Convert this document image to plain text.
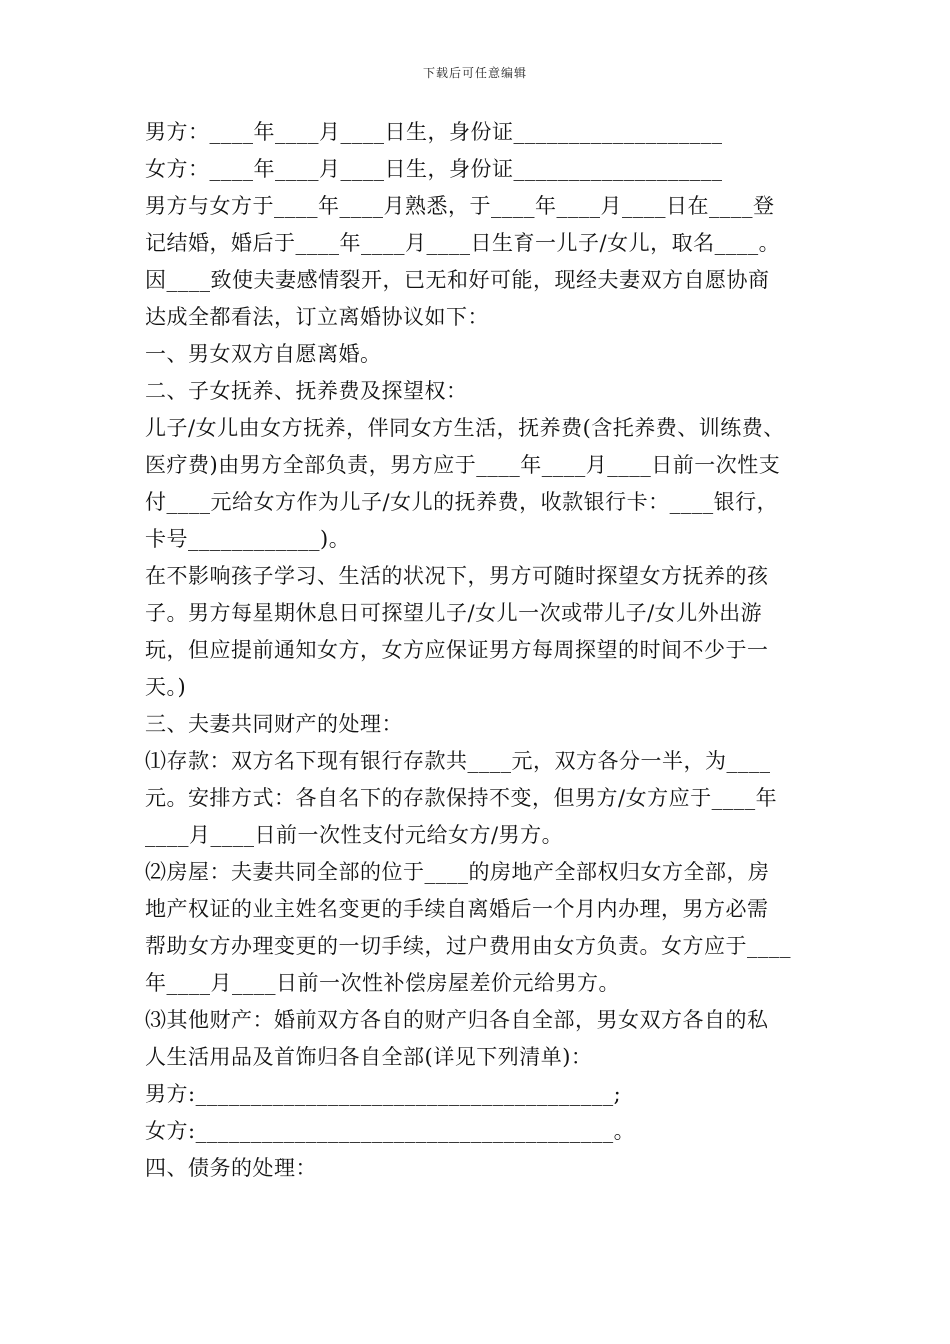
下载后可任意编辑
男方：____年____月____日生，身份证___________________
女方：____年____月____日生，身份证___________________
男方与女方于____年____月熟悉，于____年____月____日在____登
记结婚，婚后于____年____月____日生育一儿子/女儿，取名____。
因____致使夫妻感情裂开，已无和好可能，现经夫妻双方自愿协商
达成全都看法，订立离婚协议如下：
一、男女双方自愿离婚。
二、子女抚养、抚养费及探望权：
儿子/女儿由女方抚养，伴同女方生活，抚养费(含托养费、训练费、
医疗费)由男方全部负责，男方应于____年____月____日前一次性支
付____元给女方作为儿子/女儿的抚养费，收款银行卡：____银行，
卡号____________)。
在不影响孩子学习、生活的状况下，男方可随时探望女方抚养的孩
子。男方每星期休息日可探望儿子/女儿一次或带儿子/女儿外出游
玩，但应提前通知女方，女方应保证男方每周探望的时间不少于一
天。)
三、夫妻共同财产的处理：
⑴存款：双方名下现有银行存款共____元，双方各分一半，为____
元。安排方式：各自名下的存款保持不变，但男方/女方应于____年
____月____日前一次性支付元给女方/男方。
⑵房屋：夫妻共同全部的位于____的房地产全部权归女方全部，房
地产权证的业主姓名变更的手续自离婚后一个月内办理，男方必需
帮助女方办理变更的一切手续，过户费用由女方负责。女方应于____
年____月____日前一次性补偿房屋差价元给男方。
⑶其他财产：婚前双方各自的财产归各自全部，男女双方各自的私
人生活用品及首饰归各自全部(详见下列清单)：
男方:______________________________________;
女方:______________________________________。
四、债务的处理：
